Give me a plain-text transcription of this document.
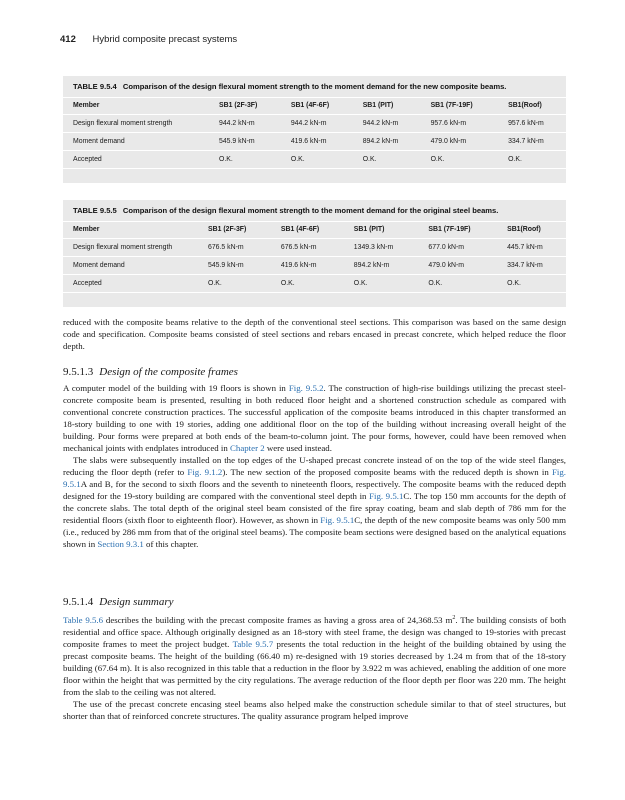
412 Hybrid composite precast systems
TABLE 9.5.4 Comparison of the design flexural moment strength to the moment demand for the new composite beams.
Member	SB1 (2F-3F)	SB1 (4F-6F)	SB1 (PIT)	SB1 (7F-19F)	SB1(Roof)
Design flexural moment strength	944.2 kN-m	944.2 kN-m	944.2 kN-m	957.6 kN-m	957.6 kN-m
Moment demand	545.9 kN-m	419.6 kN-m	894.2 kN-m	479.0 kN-m	334.7 kN-m
Accepted	O.K.	O.K.	O.K.	O.K.	O.K.
TABLE 9.5.5 Comparison of the design flexural moment strength to the moment demand for the original steel beams.
Member	SB1 (2F-3F)	SB1 (4F-6F)	SB1 (PIT)	SB1 (7F-19F)	SB1(Roof)
Design flexural moment strength	676.5 kN-m	676.5 kN-m	1349.3 kN-m	677.0 kN-m	445.7 kN-m
Moment demand	545.9 kN-m	419.6 kN-m	894.2 kN-m	479.0 kN-m	334.7 kN-m
Accepted	O.K.	O.K.	O.K.	O.K.	O.K.

reduced with the composite beams relative to the depth of the conventional steel sections. This comparison was based on the same design code and specification. Composite beams consisted of steel sections and rebars encased in precast concrete, which helped reduce the floor depth.

9.5.1.3 Design of the composite frames

A computer model of the building with 19 floors is shown in Fig. 9.5.2. The construction of high-rise buildings utilizing the precast steel-concrete composite beam is presented, resulting in both reduced floor height and a shortened construction schedule as compared with conventional concrete construction practices. The successful application of the composite beams introduced in this chapter transformed an 18-story building to one with 19 stories, adding one additional floor on the top of the building without increasing overall height of the building. Pour forms were prepared at both ends of the beam-to-column joint. The pour forms, however, could have been removed when mechanical joints with endplates introduced in Chapter 2 were used instead.

The slabs were subsequently installed on the top edges of the U-shaped precast concrete instead of on the top of the wide steel flanges, reducing the floor depth (refer to Fig. 9.1.2). The new section of the proposed composite beams with the reduced depth is shown in Fig. 9.5.1A and B, for the second to sixth floors and the seventh to nineteenth floors, respectively. The composite beams with the reduced depth designed for the 19-story building are compared with the conventional steel depth in Fig. 9.5.1C. The top 150 mm accounts for the depth of the concrete slabs. The total depth of the original steel beam consisted of the fire spray coating, beam and slab depth of 786 mm for the residential floors (sixth floor to eighteenth floor). However, as shown in Fig. 9.5.1C, the depth of the new composite beams was only 500 mm (i.e., reduced by 286 mm from that of the original steel beams). The composite beam sections were designed based on the analytical equations shown in Section 9.3.1 of this chapter.

9.5.1.4 Design summary

Table 9.5.6 describes the building with the precast composite frames as having a gross area of 24,368.53 $m^2$. The building consists of both residential and office space. Although originally designed as an 18-story with steel frame, the design was changed to 19-stories with precast composite frames to meet the project budget. Table 9.5.7 presents the total reduction in the height of the building obtained by using the precast composite beams. The height of the building (66.40 m) re-designed with 19 stories decreased by 1.24 m from that of the 18-story building (67.64 m). It is also recognized in this table that a reduction in the floor by 3.922 m was achieved, enabling the addition of one more floor within the height that was permitted by the city regulations. The average reduction of the floor depth per floor was 220 mm. The height from the slab to the ceiling was not altered.

The use of the precast concrete encasing steel beams also helped make the construction schedule similar to that of steel structures, but shorter than that of reinforced concrete structures. The quality assurance program helped improve
